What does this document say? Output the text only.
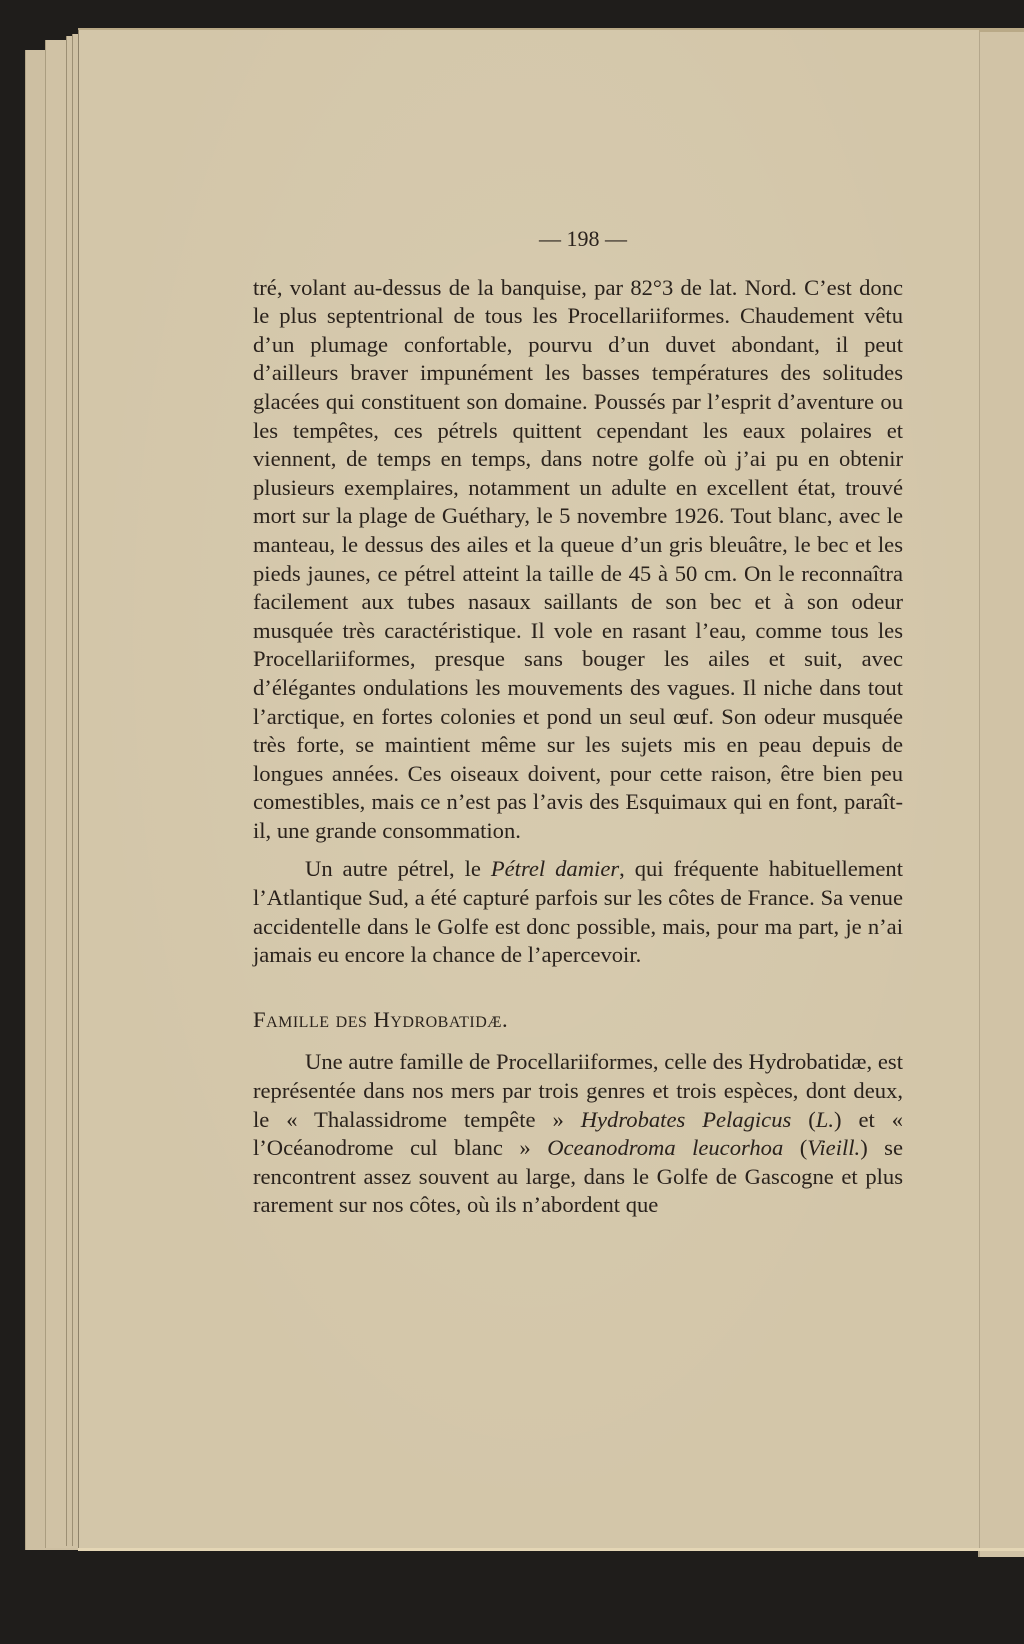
— 198 —

tré, volant au-dessus de la banquise, par 82°3 de lat. Nord. C’est donc le plus septentrional de tous les Procellariiformes. Chaudement vêtu d’un plumage confortable, pourvu d’un duvet abondant, il peut d’ailleurs braver impunément les basses températures des solitudes glacées qui constituent son domaine. Poussés par l’esprit d’aventure ou les tempêtes, ces pétrels quittent cependant les eaux polaires et viennent, de temps en temps, dans notre golfe où j’ai pu en obtenir plusieurs exemplaires, notamment un adulte en excellent état, trouvé mort sur la plage de Guéthary, le 5 novembre 1926. Tout blanc, avec le manteau, le dessus des ailes et la queue d’un gris bleuâtre, le bec et les pieds jaunes, ce pétrel atteint la taille de 45 à 50 cm. On le reconnaîtra facilement aux tubes nasaux saillants de son bec et à son odeur musquée très caractéristique. Il vole en rasant l’eau, comme tous les Procellariiformes, presque sans bouger les ailes et suit, avec d’élégantes ondulations les mouvements des vagues. Il niche dans tout l’arctique, en fortes colonies et pond un seul œuf. Son odeur musquée très forte, se maintient même sur les sujets mis en peau depuis de longues années. Ces oiseaux doivent, pour cette raison, être bien peu comestibles, mais ce n’est pas l’avis des Esquimaux qui en font, paraît-il, une grande consommation.

Un autre pétrel, le Pétrel damier, qui fréquente habituellement l’Atlantique Sud, a été capturé parfois sur les côtes de France. Sa venue accidentelle dans le Golfe est donc possible, mais, pour ma part, je n’ai jamais eu encore la chance de l’apercevoir.

Famille des Hydrobatidæ.

Une autre famille de Procellariiformes, celle des Hydrobatidæ, est représentée dans nos mers par trois genres et trois espèces, dont deux, le « Thalassidrome tempête » Hydrobates Pelagicus (L.) et « l’Océanodrome cul blanc » Oceanodroma leucorhoa (Vieill.) se rencontrent assez souvent au large, dans le Golfe de Gascogne et plus rarement sur nos côtes, où ils n’abordent que
